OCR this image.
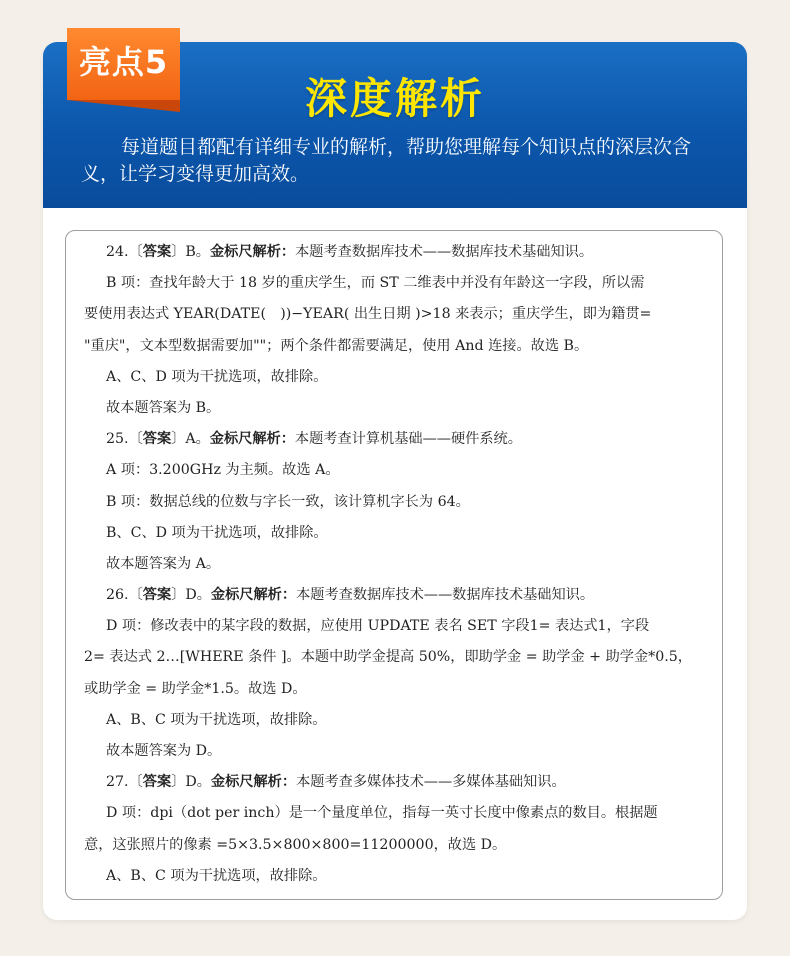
深度解析
每道题目都配有详细专业的解析，帮助您理解每个知识点的深层次含义，让学习变得更加高效。
24.〔答案〕B。金标尺解析：本题考查数据库技术——数据库技术基础知识。
B 项：查找年龄大于 18 岁的重庆学生，而 ST 二维表中并没有年龄这一字段，所以需
要使用表达式 YEAR(DATE(　))−YEAR( 出生日期 )>18 来表示；重庆学生，即为籍贯=
"重庆"，文本型数据需要加""；两个条件都需要满足，使用 And 连接。故选 B。
A、C、D 项为干扰选项，故排除。
故本题答案为 B。
25.〔答案〕A。金标尺解析：本题考查计算机基础——硬件系统。
A 项：3.200GHz 为主频。故选 A。
B 项：数据总线的位数与字长一致，该计算机字长为 64。
B、C、D 项为干扰选项，故排除。
故本题答案为 A。
26.〔答案〕D。金标尺解析：本题考查数据库技术——数据库技术基础知识。
D 项：修改表中的某字段的数据，应使用 UPDATE 表名 SET 字段1= 表达式1，字段
2= 表达式 2…[WHERE 条件 ]。本题中助学金提高 50%，即助学金 = 助学金 + 助学金*0.5，
或助学金 = 助学金*1.5。故选 D。
A、B、C 项为干扰选项，故排除。
故本题答案为 D。
27.〔答案〕D。金标尺解析：本题考查多媒体技术——多媒体基础知识。
D 项：dpi（dot per inch）是一个量度单位，指每一英寸长度中像素点的数目。根据题
意，这张照片的像素 =5×3.5×800×800=11200000，故选 D。
A、B、C 项为干扰选项，故排除。
亮点5
